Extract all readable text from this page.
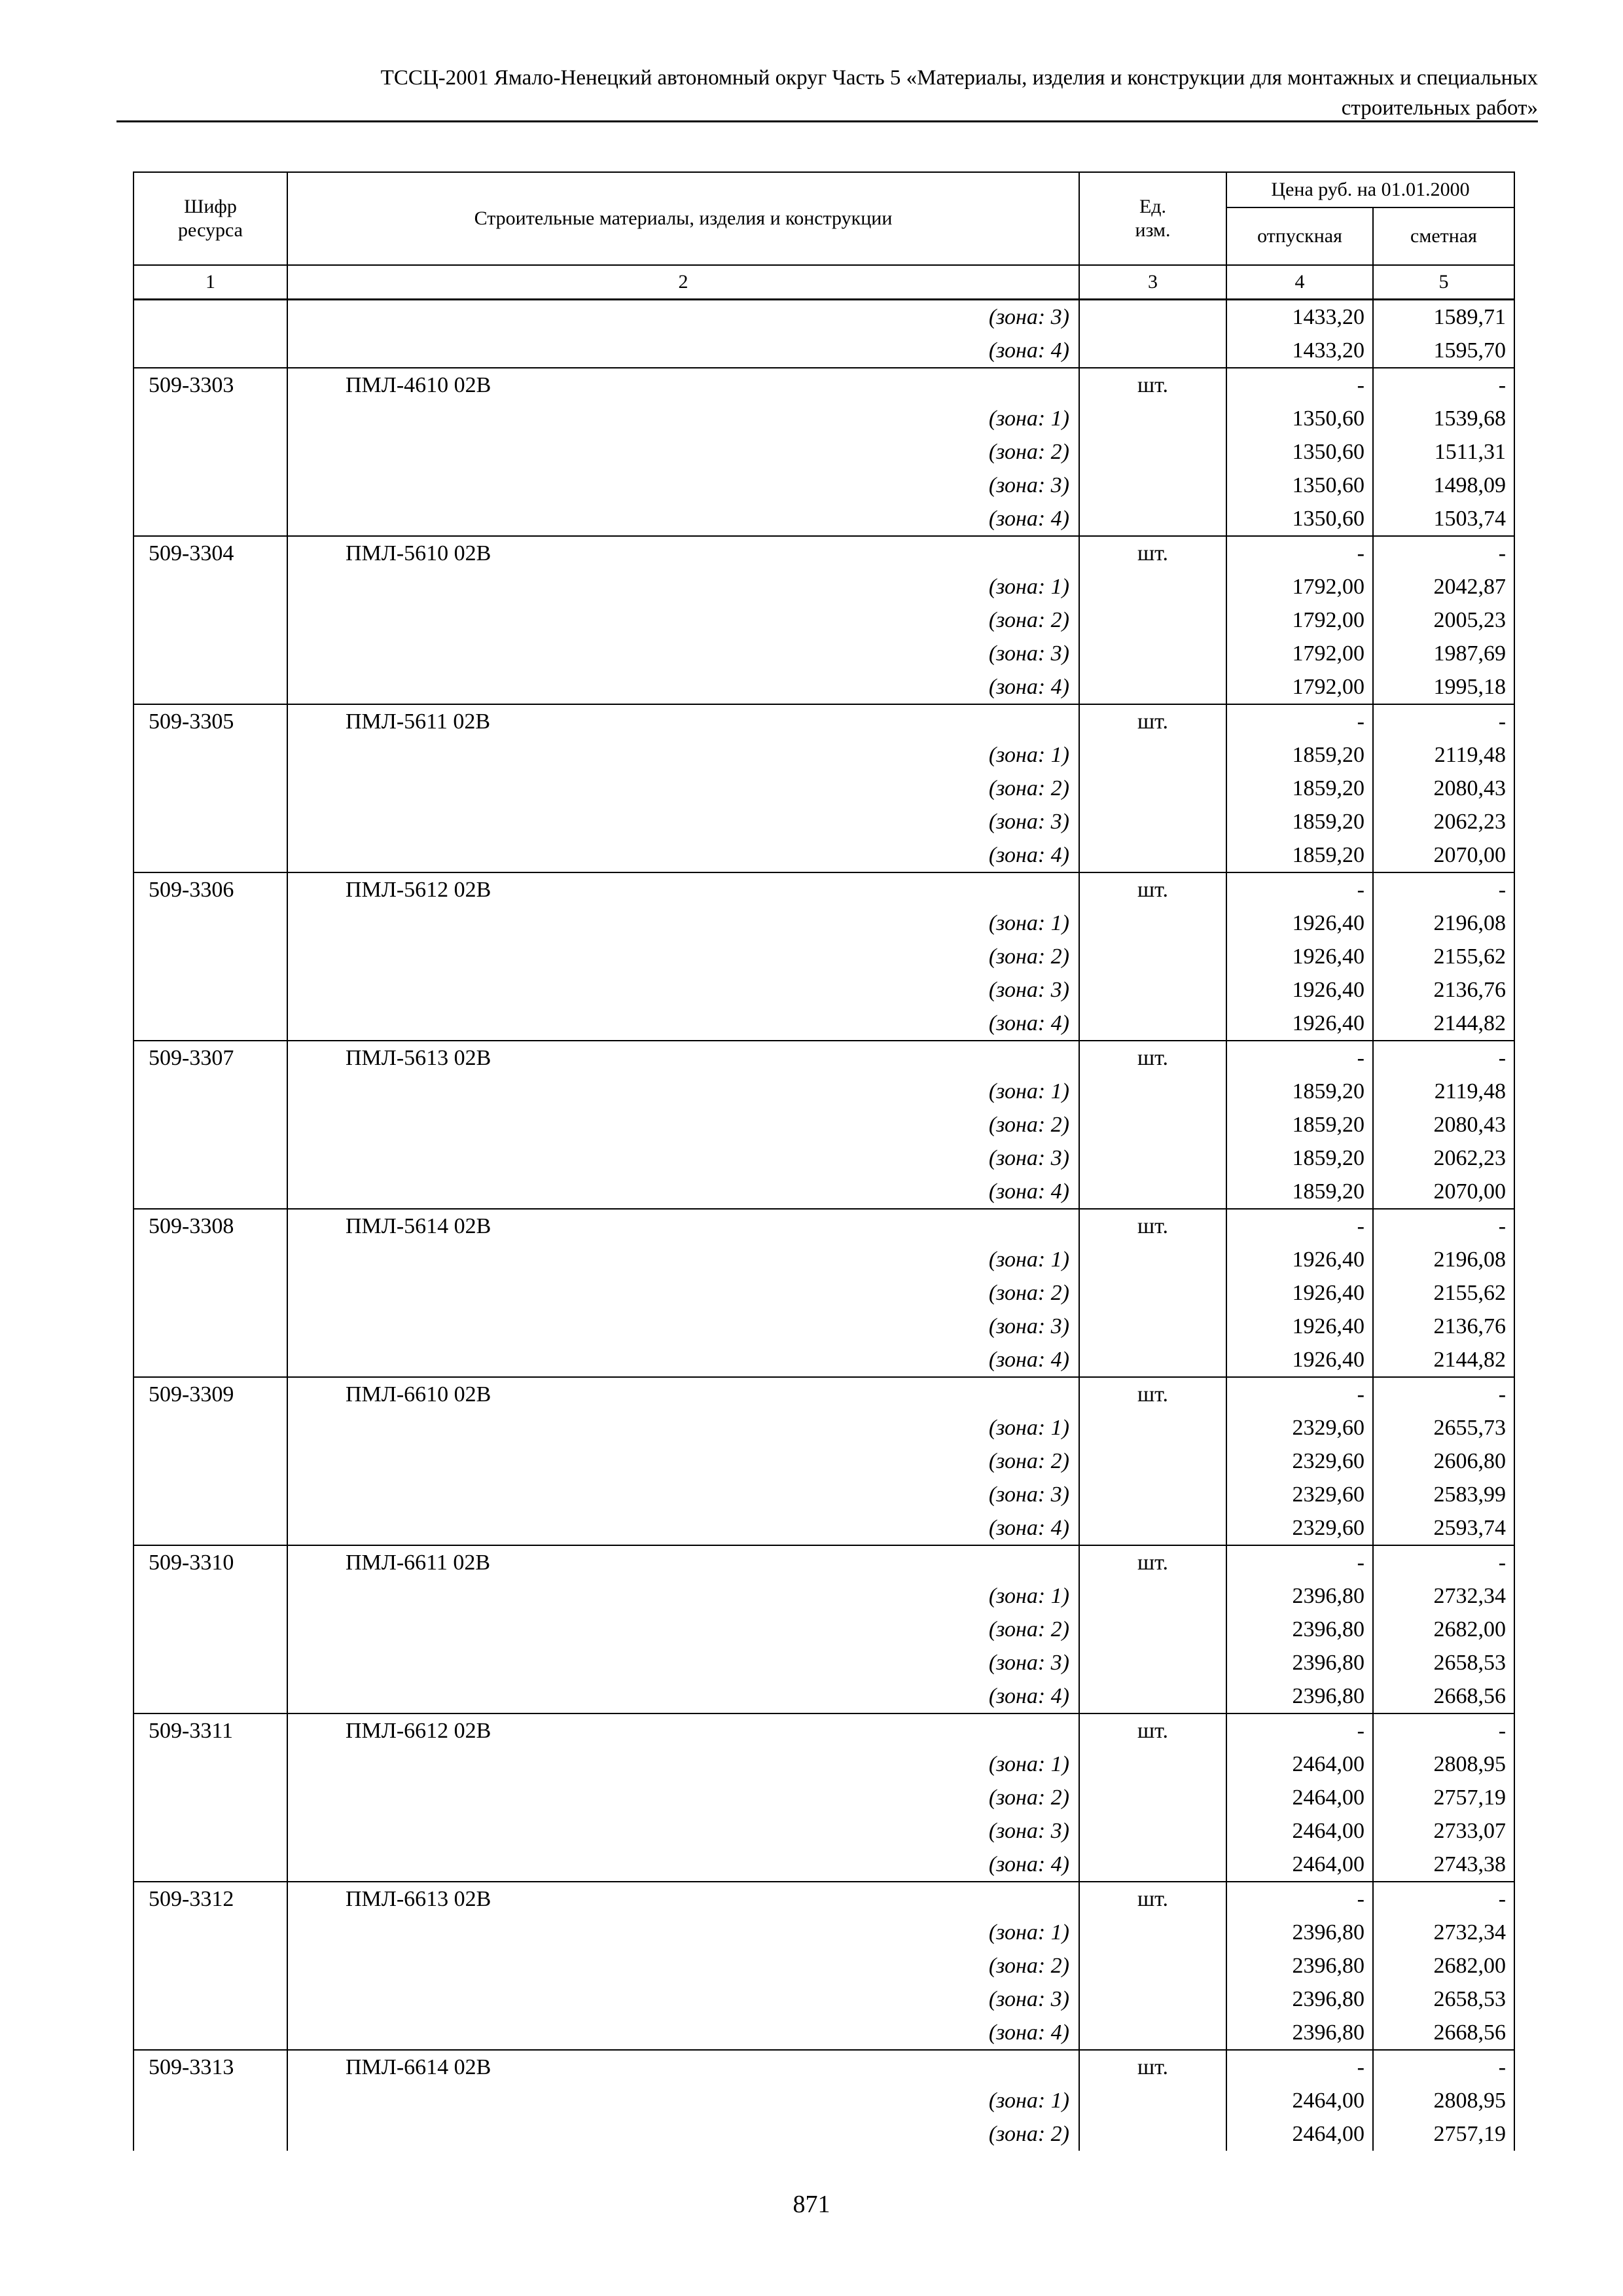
ТССЦ-2001 Ямало-Ненецкий автономный округ Часть 5 «Материалы, изделия и конструкции для монтажных и специальных
строительных работ»
Шифр ресурса	Строительные материалы, изделия и конструкции	Ед. изм.	Цена руб. на 01.01.2000	
			отпускная	сметная
1	2	3	4	5
	(зона: 3)		1433,20	1589,71
	(зона: 4)		1433,20	1595,70
509-3303	ПМЛ-4610 02В	шт.	-	-
	(зона: 1)		1350,60	1539,68
	(зона: 2)		1350,60	1511,31
	(зона: 3)		1350,60	1498,09
	(зона: 4)		1350,60	1503,74
509-3304	ПМЛ-5610 02В	шт.	-	-
	(зона: 1)		1792,00	2042,87
	(зона: 2)		1792,00	2005,23
	(зона: 3)		1792,00	1987,69
	(зона: 4)		1792,00	1995,18
509-3305	ПМЛ-5611 02В	шт.	-	-
	(зона: 1)		1859,20	2119,48
	(зона: 2)		1859,20	2080,43
	(зона: 3)		1859,20	2062,23
	(зона: 4)		1859,20	2070,00
509-3306	ПМЛ-5612 02В	шт.	-	-
	(зона: 1)		1926,40	2196,08
	(зона: 2)		1926,40	2155,62
	(зона: 3)		1926,40	2136,76
	(зона: 4)		1926,40	2144,82
509-3307	ПМЛ-5613 02В	шт.	-	-
	(зона: 1)		1859,20	2119,48
	(зона: 2)		1859,20	2080,43
	(зона: 3)		1859,20	2062,23
	(зона: 4)		1859,20	2070,00
509-3308	ПМЛ-5614 02В	шт.	-	-
	(зона: 1)		1926,40	2196,08
	(зона: 2)		1926,40	2155,62
	(зона: 3)		1926,40	2136,76
	(зона: 4)		1926,40	2144,82
509-3309	ПМЛ-6610 02В	шт.	-	-
	(зона: 1)		2329,60	2655,73
	(зона: 2)		2329,60	2606,80
	(зона: 3)		2329,60	2583,99
	(зона: 4)		2329,60	2593,74
509-3310	ПМЛ-6611 02В	шт.	-	-
	(зона: 1)		2396,80	2732,34
	(зона: 2)		2396,80	2682,00
	(зона: 3)		2396,80	2658,53
	(зона: 4)		2396,80	2668,56
509-3311	ПМЛ-6612 02В	шт.	-	-
	(зона: 1)		2464,00	2808,95
	(зона: 2)		2464,00	2757,19
	(зона: 3)		2464,00	2733,07
	(зона: 4)		2464,00	2743,38
509-3312	ПМЛ-6613 02В	шт.	-	-
	(зона: 1)		2396,80	2732,34
	(зона: 2)		2396,80	2682,00
	(зона: 3)		2396,80	2658,53
	(зона: 4)		2396,80	2668,56
509-3313	ПМЛ-6614 02В	шт.	-	-
	(зона: 1)		2464,00	2808,95
	(зона: 2)		2464,00	2757,19
871
